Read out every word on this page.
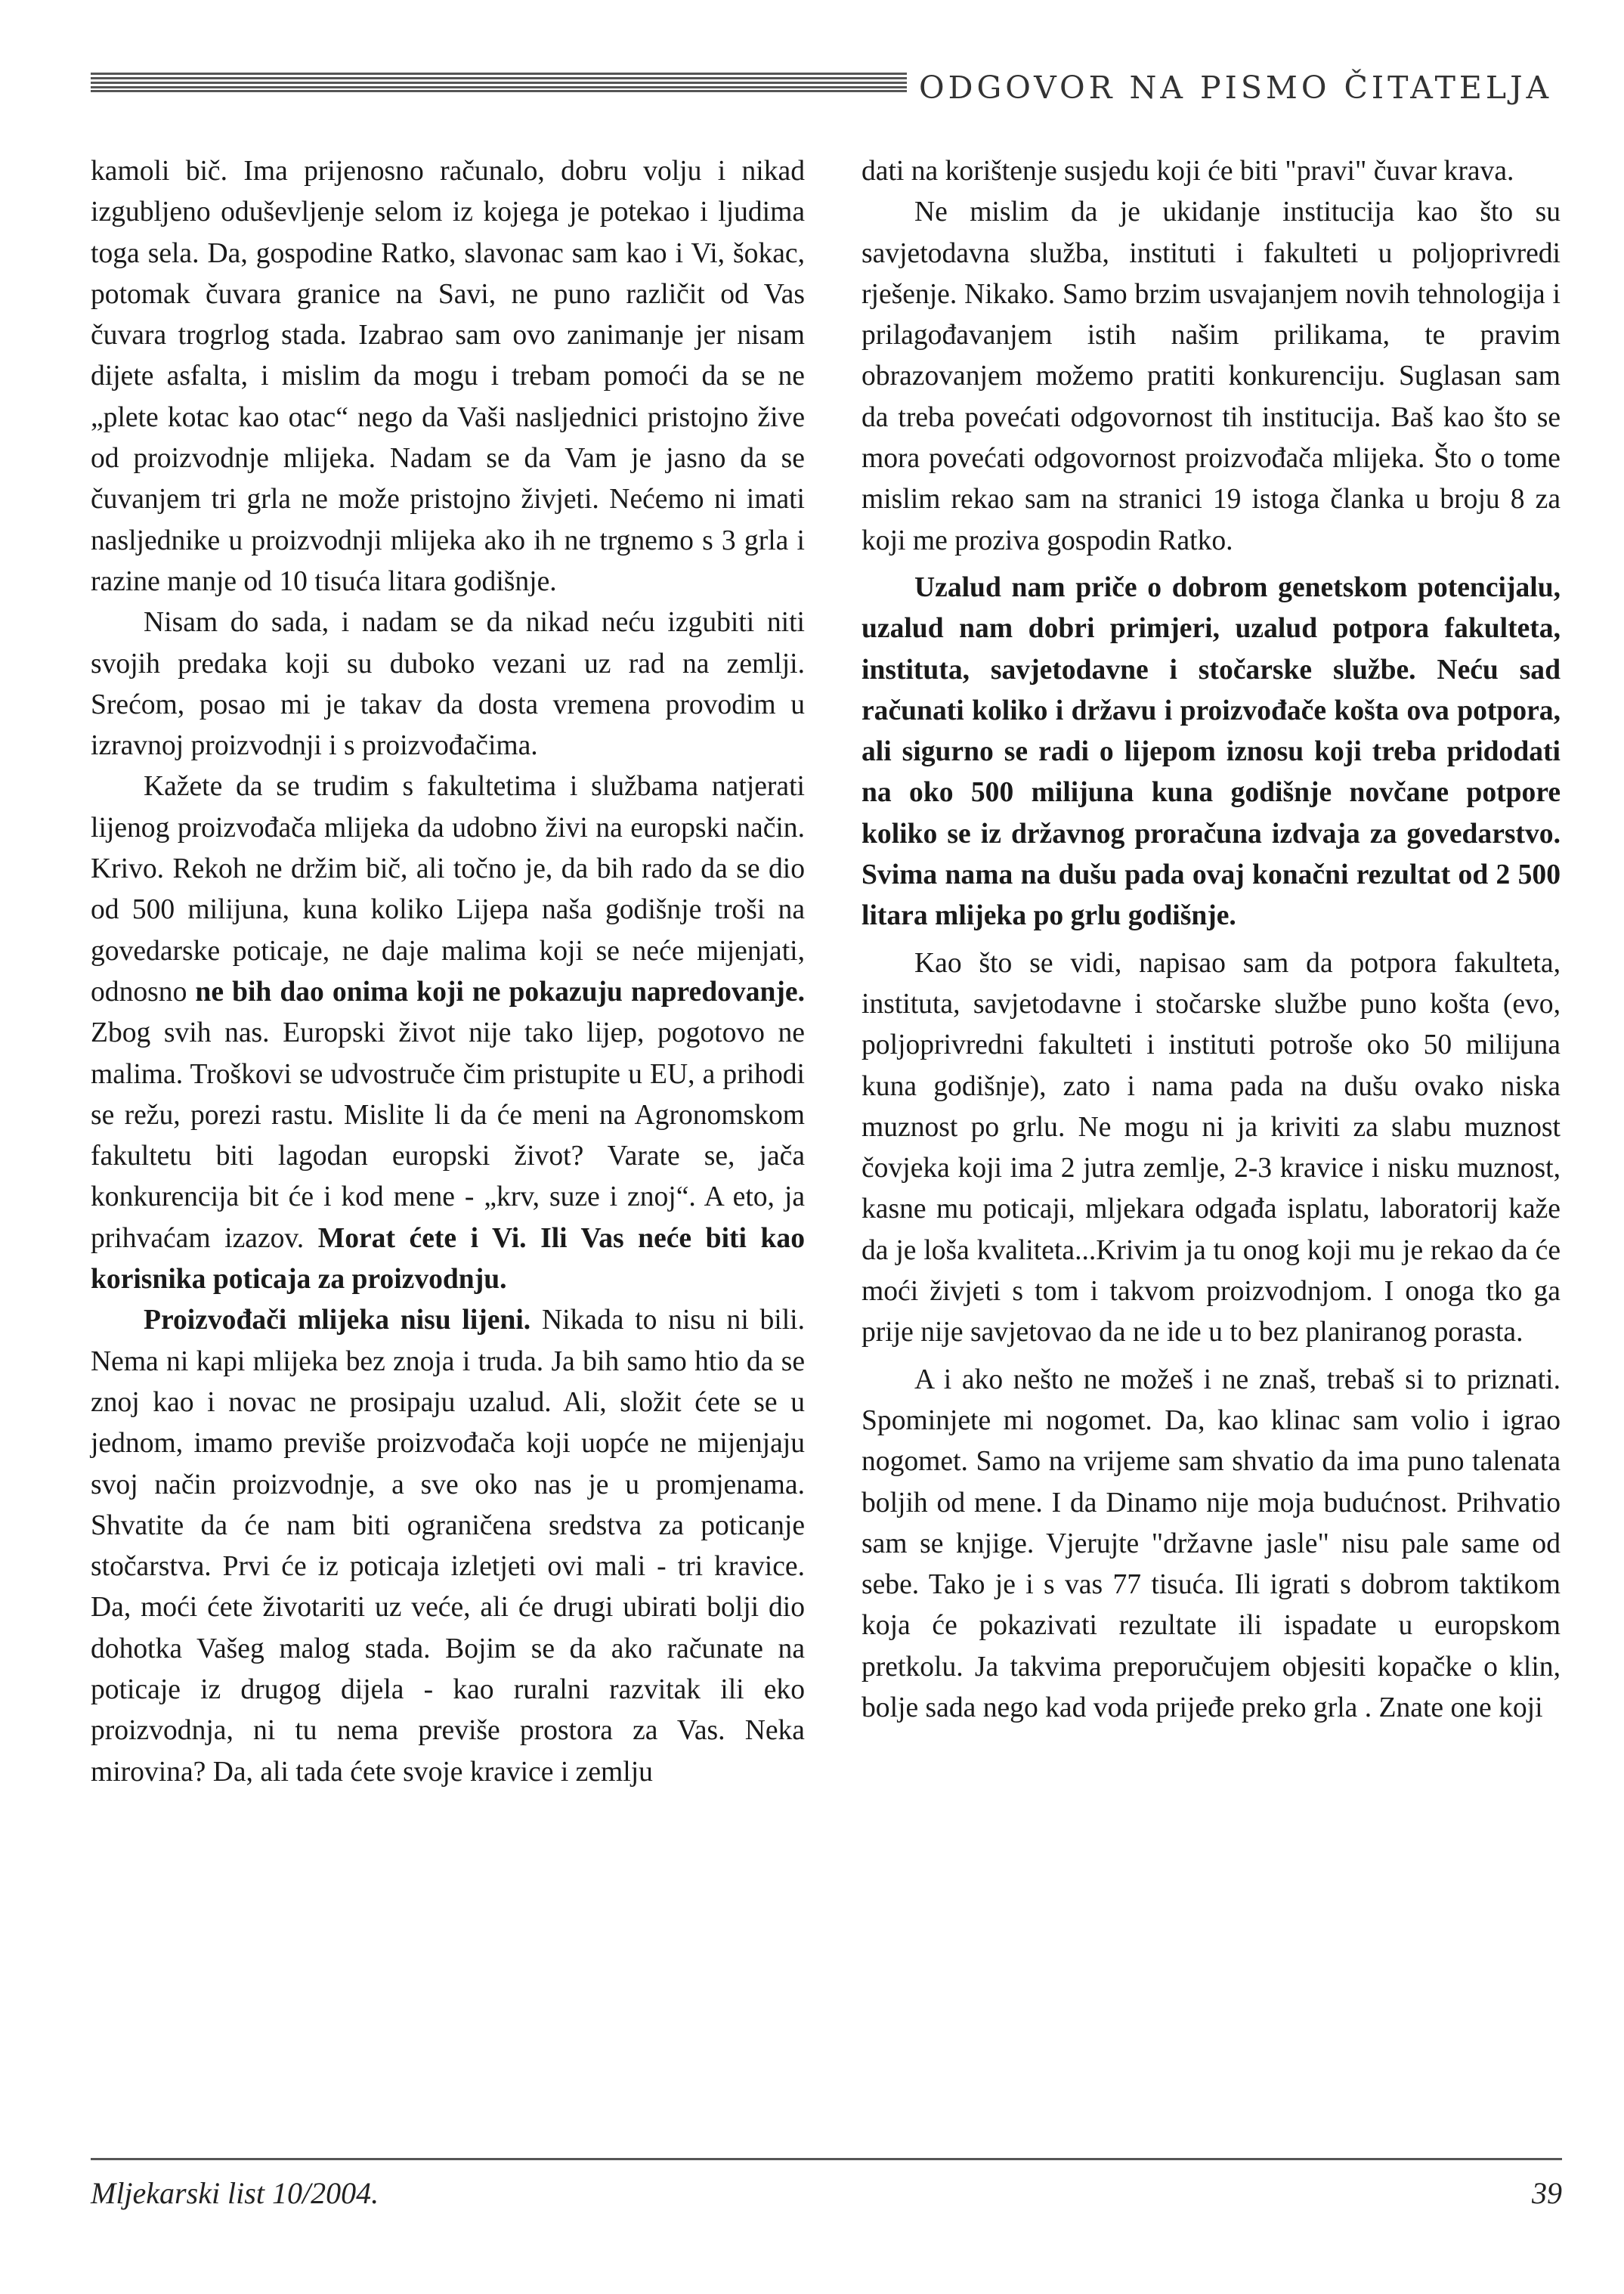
ODGOVOR NA PISMO ČITATELJA

kamoli bič. Ima prijenosno računalo, dobru volju i nikad izgubljeno oduševljenje selom iz kojega je potekao i ljudima toga sela. Da, gospodine Ratko, slavonac sam kao i Vi, šokac, potomak čuvara granice na Savi, ne puno različit od Vas čuvara trogrlog stada. Izabrao sam ovo zanimanje jer nisam dijete asfalta, i mislim da mogu i trebam pomoći da se ne „plete kotac kao otac“ nego da Vaši nasljednici pristojno žive od proizvodnje mlijeka. Nadam se da Vam je jasno da se čuvanjem tri grla ne može pristojno živjeti. Nećemo ni imati nasljednike u proizvodnji mlijeka ako ih ne trgnemo s 3 grla i razine manje od 10 tisuća litara godišnje.

Nisam do sada, i nadam se da nikad neću izgubiti niti svojih predaka koji su duboko vezani uz rad na zemlji. Srećom, posao mi je takav da dosta vremena provodim u izravnoj proizvodnji i s proizvođačima.

Kažete da se trudim s fakultetima i službama natjerati lijenog proizvođača mlijeka da udobno živi na europski način. Krivo. Rekoh ne držim bič, ali točno je, da bih rado da se dio od 500 milijuna, kuna koliko Lijepa naša godišnje troši na govedarske poticaje, ne daje malima koji se neće mijenjati, odnosno ne bih dao onima koji ne pokazuju napredovanje. Zbog svih nas. Europski život nije tako lijep, pogotovo ne malima. Troškovi se udvostruče čim pristupite u EU, a prihodi se režu, porezi rastu. Mislite li da će meni na Agronomskom fakultetu biti lagodan europski život? Varate se, jača konkurencija bit će i kod mene - „krv, suze i znoj“. A eto, ja prihvaćam izazov. Morat ćete i Vi. Ili Vas neće biti kao korisnika poticaja za proizvodnju.

Proizvođači mlijeka nisu lijeni. Nikada to nisu ni bili. Nema ni kapi mlijeka bez znoja i truda. Ja bih samo htio da se znoj kao i novac ne prosipaju uzalud. Ali, složit ćete se u jednom, imamo previše proizvođača koji uopće ne mijenjaju svoj način proizvodnje, a sve oko nas je u promjenama. Shvatite da će nam biti ograničena sredstva za poticanje stočarstva. Prvi će iz poticaja izletjeti ovi mali - tri kravice. Da, moći ćete životariti uz veće, ali će drugi ubirati bolji dio dohotka Vašeg malog stada. Bojim se da ako računate na poticaje iz drugog dijela - kao ruralni razvitak ili eko proizvodnja, ni tu nema previše prostora za Vas. Neka mirovina? Da, ali tada ćete svoje kravice i zemlju

dati na korištenje susjedu koji će biti "pravi" čuvar krava.

Ne mislim da je ukidanje institucija kao što su savjetodavna služba, instituti i fakulteti u poljoprivredi rješenje. Nikako. Samo brzim usvajanjem novih tehnologija i prilagođavanjem istih našim prilikama, te pravim obrazovanjem možemo pratiti konkurenciju. Suglasan sam da treba povećati odgovornost tih institucija. Baš kao što se mora povećati odgovornost proizvođača mlijeka. Što o tome mislim rekao sam na stranici 19 istoga članka u broju 8 za koji me proziva gospodin Ratko.

Uzalud nam priče o dobrom genetskom potencijalu, uzalud nam dobri primjeri, uzalud potpora fakulteta, instituta, savjetodavne i stočarske službe. Neću sad računati koliko i državu i proizvođače košta ova potpora, ali sigurno se radi o lijepom iznosu koji treba pridodati na oko 500 milijuna kuna godišnje novčane potpore koliko se iz državnog proračuna izdvaja za govedarstvo. Svima nama na dušu pada ovaj konačni rezultat od 2 500 litara mlijeka po grlu godišnje.

Kao što se vidi, napisao sam da potpora fakulteta, instituta, savjetodavne i stočarske službe puno košta (evo, poljoprivredni fakulteti i instituti potroše oko 50 milijuna kuna godišnje), zato i nama pada na dušu ovako niska muznost po grlu. Ne mogu ni ja kriviti za slabu muznost čovjeka koji ima 2 jutra zemlje, 2-3 kravice i nisku muznost, kasne mu poticaji, mljekara odgađa isplatu, laboratorij kaže da je loša kvaliteta...Krivim ja tu onog koji mu je rekao da će moći živjeti s tom i takvom proizvodnjom. I onoga tko ga prije nije savjetovao da ne ide u to bez planiranog porasta.

A i ako nešto ne možeš i ne znaš, trebaš si to priznati. Spominjete mi nogomet. Da, kao klinac sam volio i igrao nogomet. Samo na vrijeme sam shvatio da ima puno talenata boljih od mene. I da Dinamo nije moja budućnost. Prihvatio sam se knjige. Vjerujte "državne jasle" nisu pale same od sebe. Tako je i s vas 77 tisuća. Ili igrati s dobrom taktikom koja će pokazivati rezultate ili ispadate u europskom pretkolu. Ja takvima preporučujem objesiti kopačke o klin, bolje sada nego kad voda prijeđe preko grla . Znate one koji

Mljekarski list 10/2004.	39
